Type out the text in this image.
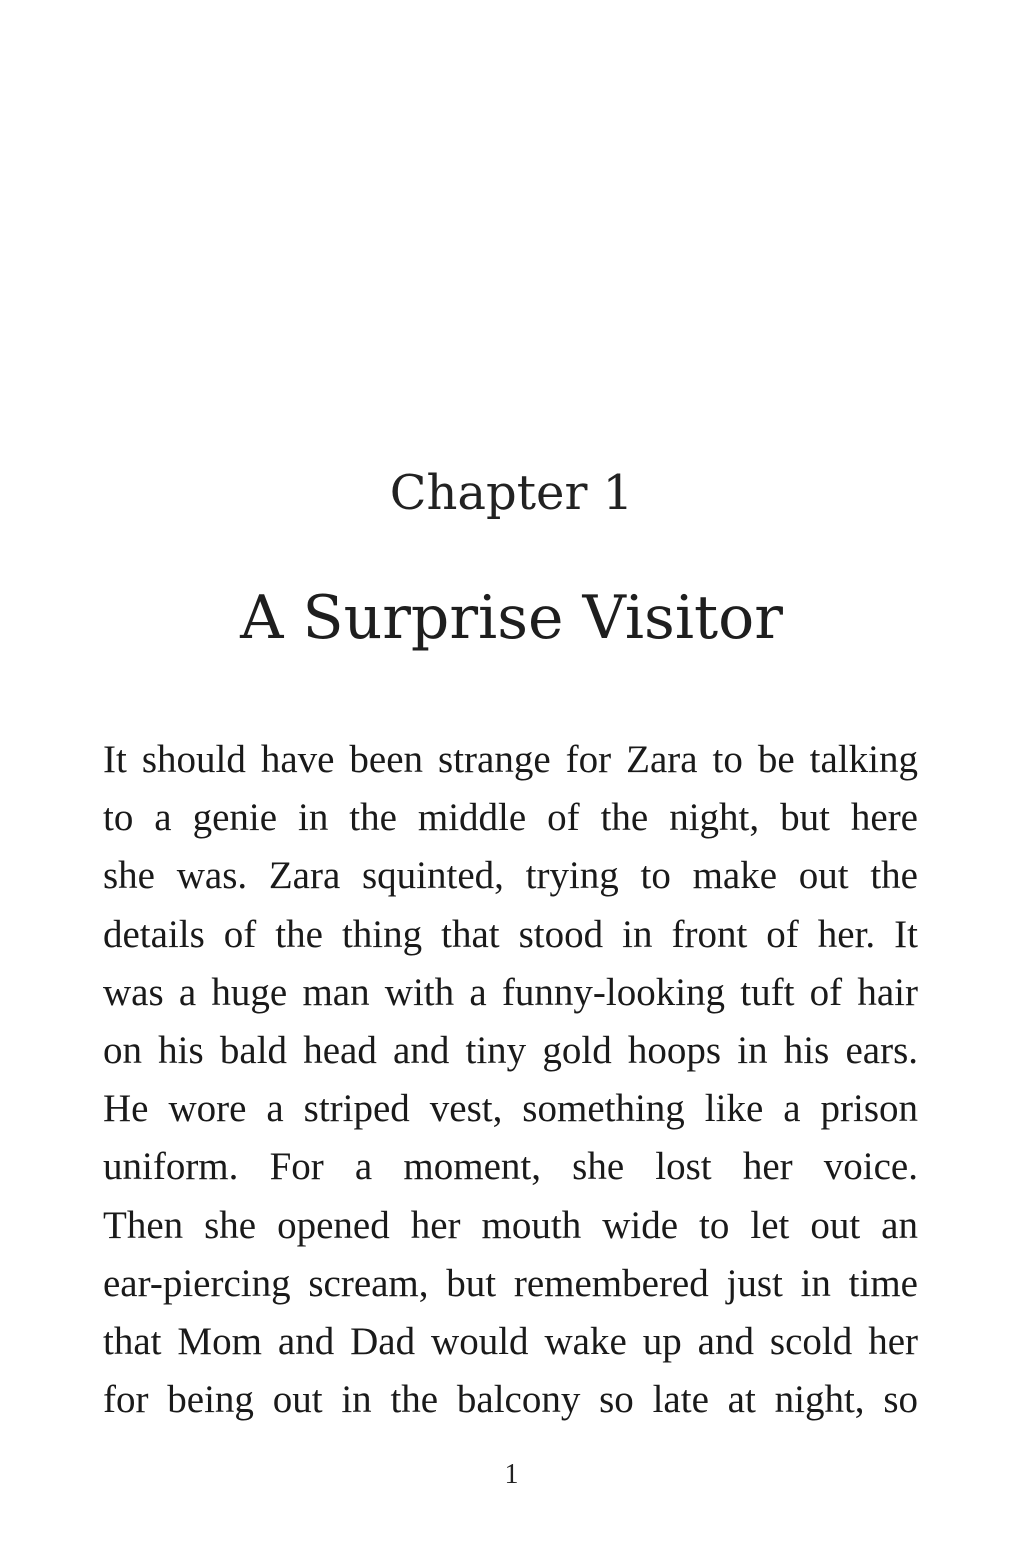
Chapter 1
A Surprise Visitor
It should have been strange for Zara to be talking
to a genie in the middle of the night, but here
she was. Zara squinted, trying to make out the
details of the thing that stood in front of her. It
was a huge man with a funny-looking tuft of hair
on his bald head and tiny gold hoops in his ears.
He wore a striped vest, something like a prison
uniform. For a moment, she lost her voice.
Then she opened her mouth wide to let out an
ear-piercing scream, but remembered just in time
that Mom and Dad would wake up and scold her
for being out in the balcony so late at night, so
1
